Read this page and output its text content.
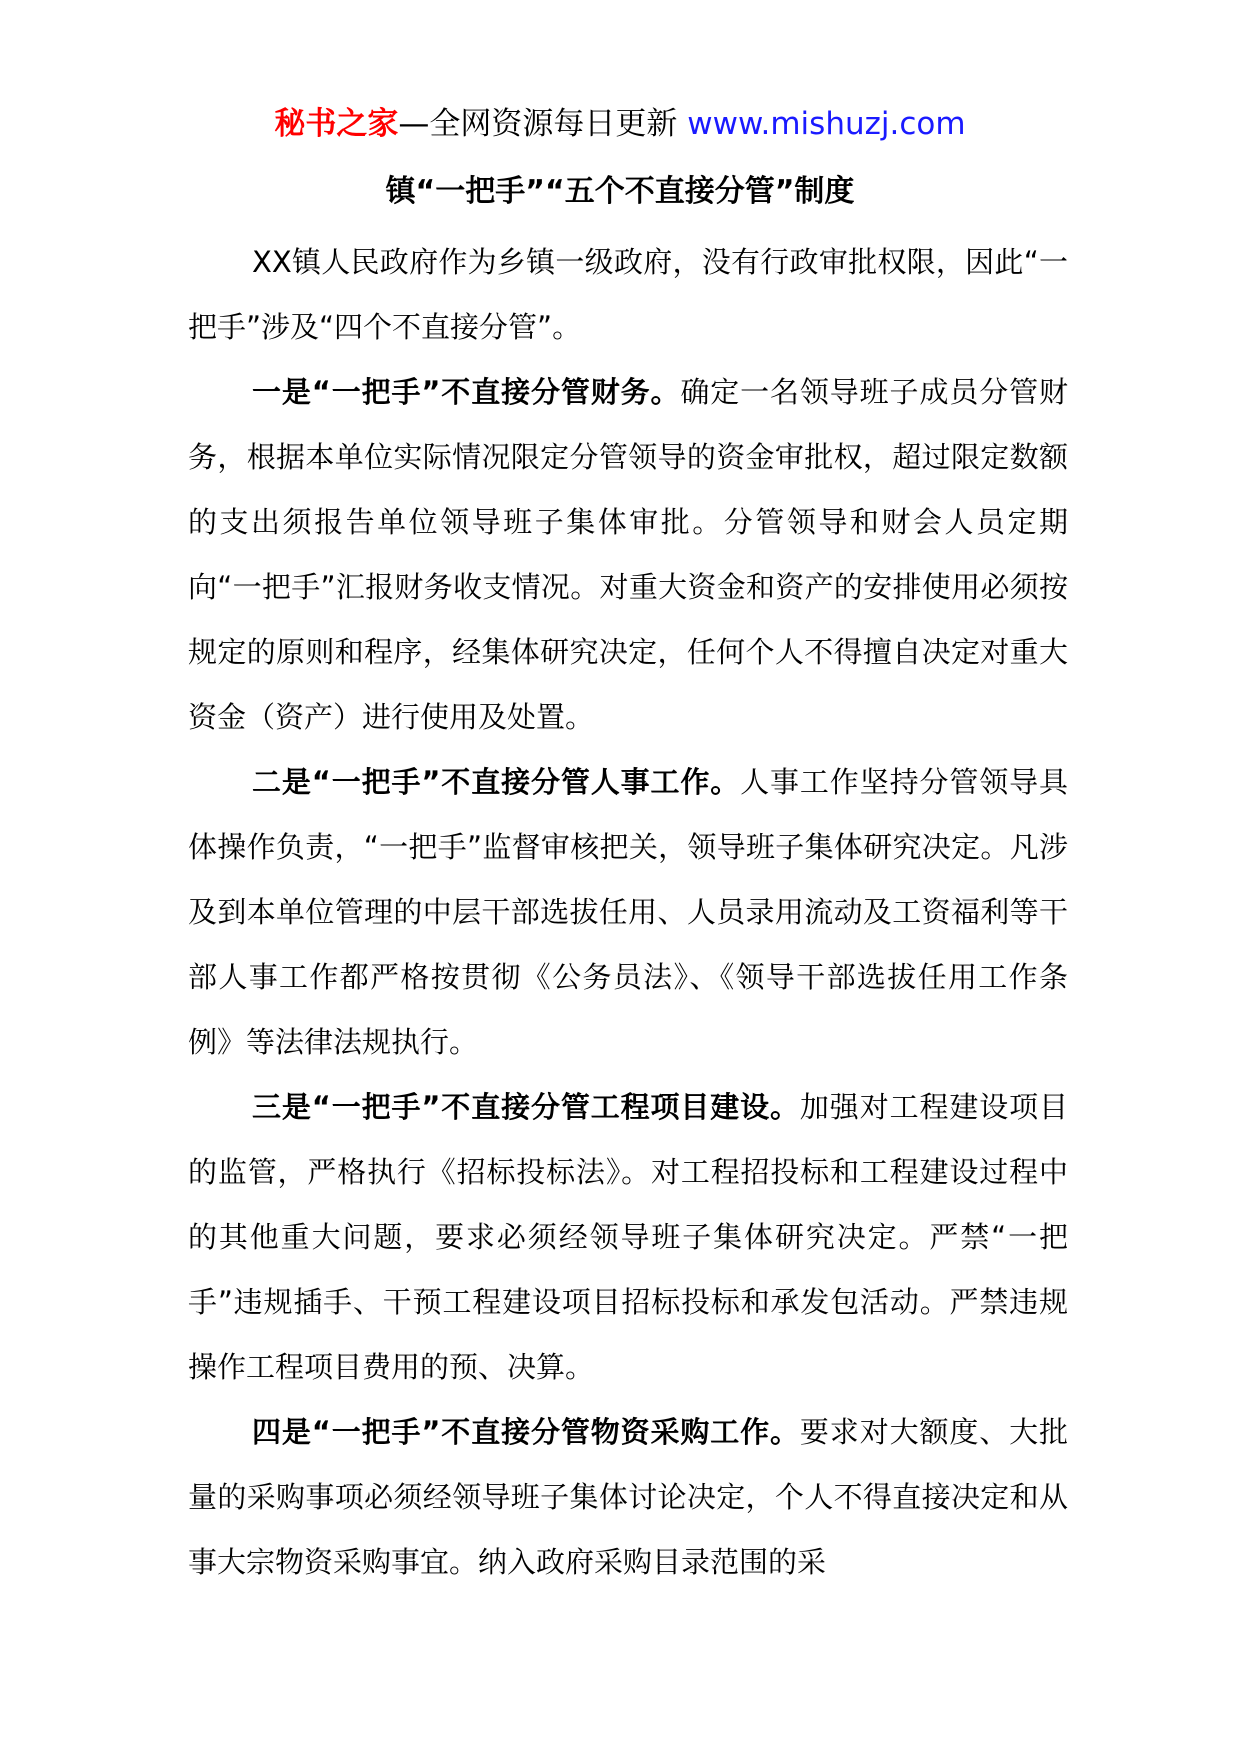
秘书之家—全网资源每日更新 www.mishuzj.com
镇“一把手”“五个不直接分管”制度

XX镇人民政府作为乡镇一级政府，没有行政审批权限，因此“一把手”涉及“四个不直接分管”。

一是“一把手”不直接分管财务。确定一名领导班子成员分管财务，根据本单位实际情况限定分管领导的资金审批权，超过限定数额的支出须报告单位领导班子集体审批。分管领导和财会人员定期向“一把手”汇报财务收支情况。对重大资金和资产的安排使用必须按规定的原则和程序，经集体研究决定，任何个人不得擅自决定对重大资金（资产）进行使用及处置。

二是“一把手”不直接分管人事工作。人事工作坚持分管领导具体操作负责，“一把手”监督审核把关，领导班子集体研究决定。凡涉及到本单位管理的中层干部选拔任用、人员录用流动及工资福利等干部人事工作都严格按贯彻《公务员法》、《领导干部选拔任用工作条例》等法律法规执行。

三是“一把手”不直接分管工程项目建设。加强对工程建设项目的监管，严格执行《招标投标法》。对工程招投标和工程建设过程中的其他重大问题，要求必须经领导班子集体研究决定。严禁“一把手”违规插手、干预工程建设项目招标投标和承发包活动。严禁违规操作工程项目费用的预、决算。

四是“一把手”不直接分管物资采购工作。要求对大额度、大批量的采购事项必须经领导班子集体讨论决定，个人不得直接决定和从事大宗物资采购事宜。纳入政府采购目录范围的采
